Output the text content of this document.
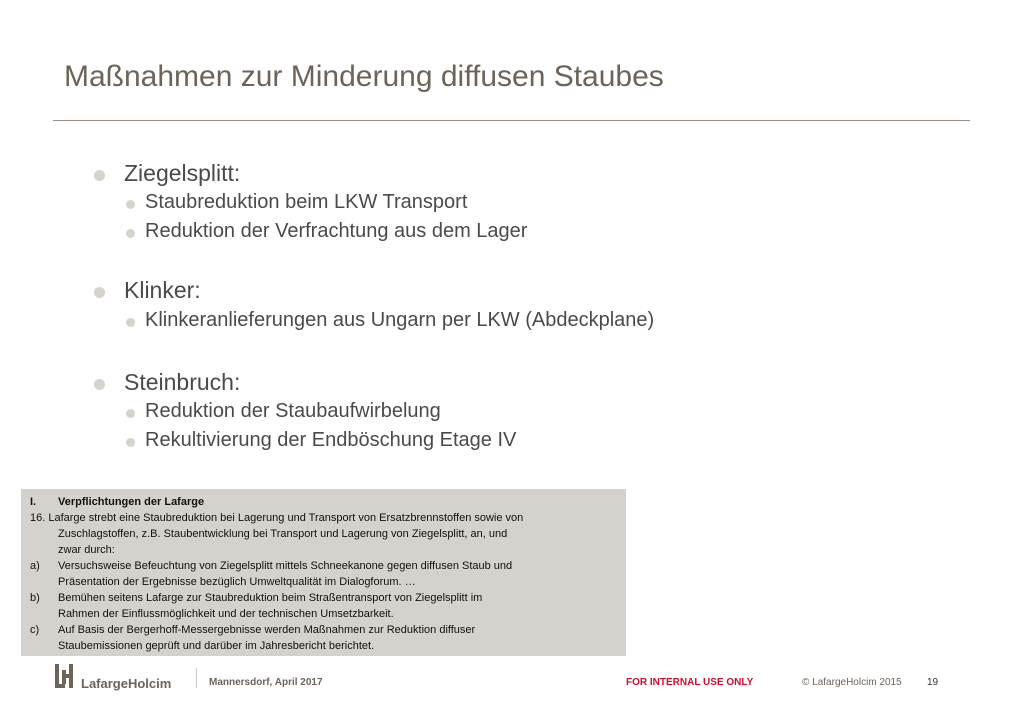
Maßnahmen zur Minderung diffusen Staubes
Ziegelsplitt:
Staubreduktion beim LKW Transport
Reduktion der Verfrachtung aus dem Lager
Klinker:
Klinkeranlieferungen aus Ungarn per LKW (Abdeckplane)
Steinbruch:
Reduktion der Staubaufwirbelung
Rekultivierung der Endböschung Etage IV
I. Verpflichtungen der Lafarge
16. Lafarge strebt eine Staubreduktion bei Lagerung und Transport von Ersatzbrennstoffen sowie von
Zuschlagstoffen, z.B. Staubentwicklung bei Transport und Lagerung von Ziegelsplitt, an, und
zwar durch:
a) Versuchsweise Befeuchtung von Ziegelsplitt mittels Schneekanone gegen diffusen Staub und
Präsentation der Ergebnisse bezüglich Umweltqualität im Dialogforum. …
b) Bemühen seitens Lafarge zur Staubreduktion beim Straßentransport von Ziegelsplitt im
Rahmen der Einflussmöglichkeit und der technischen Umsetzbarkeit.
c) Auf Basis der Bergerhoff-Messergebnisse werden Maßnahmen zur Reduktion diffuser
Staubemissionen geprüft und darüber im Jahresbericht berichtet.
LafargeHolcim	Mannersdorf, April 2017	FOR INTERNAL USE ONLY	© LafargeHolcim 2015	19
